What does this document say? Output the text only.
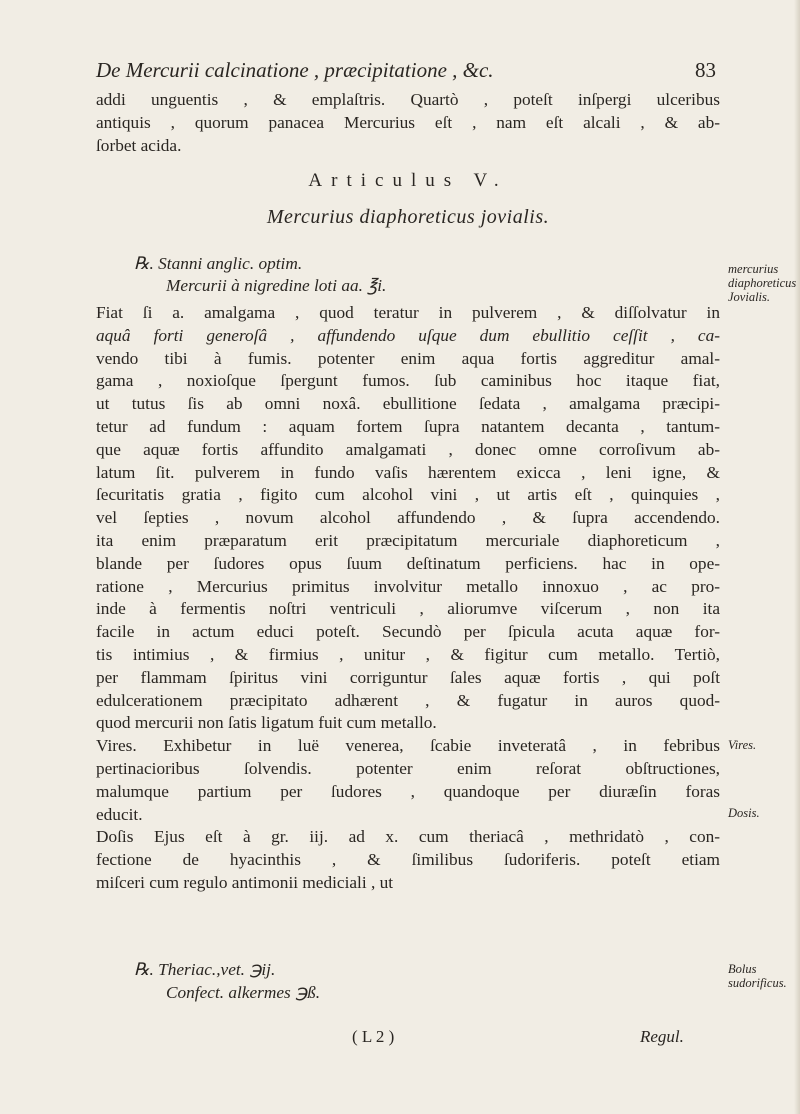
De Mercurii calcinatione , præcipitatione , &c.	83
addi unguentis , & emplaſtris. Quartò , poteſt inſpergi ulceribus
antiquis , quorum panacea Mercurius eſt , nam eſt alcali , & ab-
ſorbet acida.
Articulus V.
Mercurius diaphoreticus jovialis.
℞. Stanni anglic. optim.
Mercurii à nigredine loti aa. ℥i.
Fiat ſi a. amalgama , quod teratur in pulverem , & diſſolvatur in
aquâ forti generoſâ , affundendo uſque dum ebullitio ceſſit , ca-
vendo tibi à fumis. potenter enim aqua fortis aggreditur amal-
gama , noxioſque ſpergunt fumos. ſub caminibus hoc itaque fiat,
ut tutus ſis ab omni noxâ. ebullitione ſedata , amalgama præcipi-
tetur ad fundum : aquam fortem ſupra natantem decanta , tantum-
que aquæ fortis affundito amalgamati , donec omne corroſivum ab-
latum ſit. pulverem in fundo vaſis hærentem exicca , leni igne, &
ſecuritatis gratia , figito cum alcohol vini , ut artis eſt , quinquies ,
vel ſepties , novum alcohol affundendo , & ſupra accendendo.
ita enim præparatum erit præcipitatum mercuriale diaphoreticum ,
blande per ſudores opus ſuum deſtinatum perficiens. hac in ope-
ratione , Mercurius primitus involvitur metallo innoxuo , ac pro-
inde à fermentis noſtri ventriculi , aliorumve viſcerum , non ita
facile in actum educi poteſt. Secundò per ſpicula acuta aquæ for-
tis intimius , & firmius , unitur , & figitur cum metallo. Tertiò,
per flammam ſpiritus vini corriguntur ſales aquæ fortis , qui poſt
edulcerationem præcipitato adhærent , & fugatur in auros quod-
quod mercurii non ſatis ligatum fuit cum metallo.
Vires. Exhibetur in luë venerea, ſcabie inveteratâ , in febribus
pertinacioribus ſolvendis. potenter enim reſorat obſtructiones,
malumque partium per ſudores , quandoque per diuræſin foras
educit.
Doſis Ejus eſt à gr. iij. ad x. cum theriacâ , methridatò , con-
fectione de hyacinthis , & ſimilibus ſudoriferis. poteſt etiam
miſceri cum regulo antimonii mediciali , ut
℞. Theriac.,vet. ℈ij.
Confect. alkermes ℈ß.
mercurius diaphoreticus Jovialis.
Vires.
Dosis.
Bolus sudorificus.
( L 2 )	Regul.
